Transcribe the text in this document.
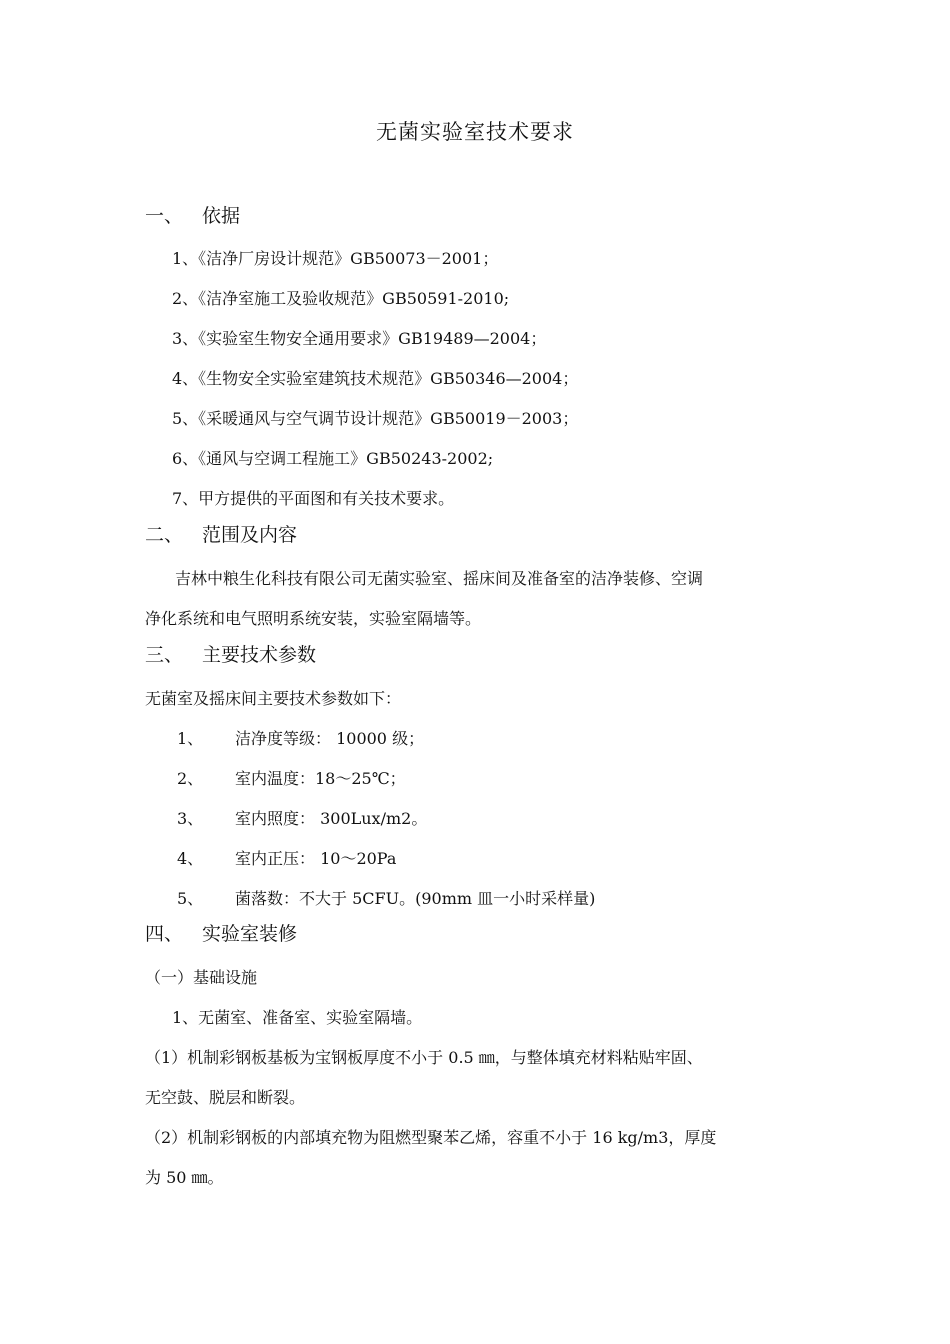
无菌实验室技术要求
一、 依据
1、《洁净厂房设计规范》GB50073－2001；
2、《洁净室施工及验收规范》GB50591-2010;
3、《实验室生物安全通用要求》GB19489—2004；
4、《生物安全实验室建筑技术规范》GB50346—2004；
5、《采暖通风与空气调节设计规范》GB50019－2003；
6、《通风与空调工程施工》GB50243-2002;
7、甲方提供的平面图和有关技术要求。
二、 范围及内容
吉林中粮生化科技有限公司无菌实验室、摇床间及准备室的洁净装修、空调
净化系统和电气照明系统安装，实验室隔墙等。
三、 主要技术参数
无菌室及摇床间主要技术参数如下：
1、 洁净度等级： 10000 级；
2、 室内温度：18～25℃；
3、 室内照度： 300Lux/m2。
4、 室内正压： 10～20Pa
5、 菌落数：不大于 5CFU。(90mm 皿一小时采样量)
四、 实验室装修
（一）基础设施
1、无菌室、准备室、实验室隔墙。
（1）机制彩钢板基板为宝钢板厚度不小于 0.5 ㎜，与整体填充材料粘贴牢固、
无空鼓、脱层和断裂。
（2）机制彩钢板的内部填充物为阻燃型聚苯乙烯，容重不小于 16 kg/m3，厚度
为 50 ㎜。
